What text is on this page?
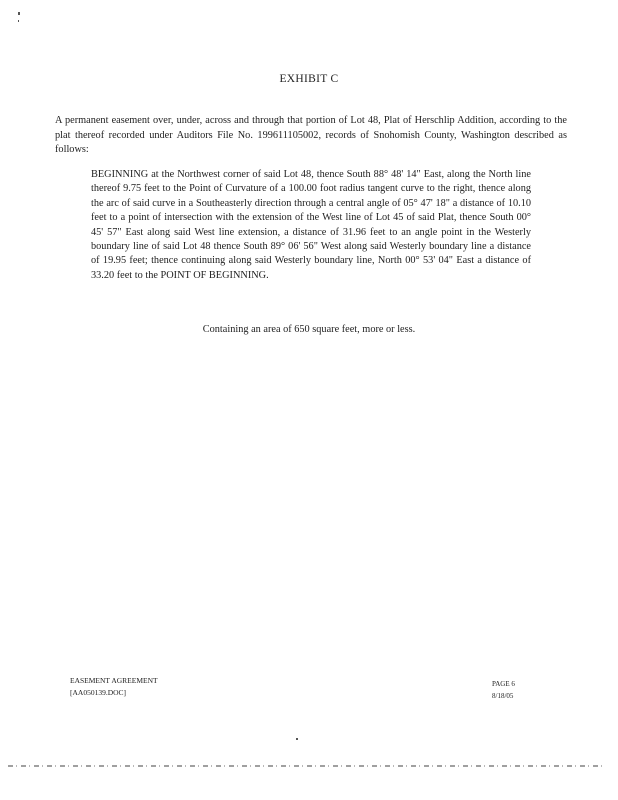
EXHIBIT C
A permanent easement over, under, across and through that portion of Lot 48, Plat of Herschlip Addition, according to the plat thereof recorded under Auditors File No. 199611105002, records of Snohomish County, Washington described as follows:
BEGINNING at the Northwest corner of said Lot 48, thence South 88° 48' 14" East, along the North line thereof 9.75 feet to the Point of Curvature of a 100.00 foot radius tangent curve to the right, thence along the arc of said curve in a Southeasterly direction through a central angle of 05° 47' 18" a distance of 10.10 feet to a point of intersection with the extension of the West line of Lot 45 of said Plat, thence South 00° 45' 57" East along said West line extension, a distance of 31.96 feet to an angle point in the Westerly boundary line of said Lot 48 thence South 89° 06' 56" West along said Westerly boundary line a distance of 19.95 feet; thence continuing along said Westerly boundary line, North 00° 53' 04" East a distance of 33.20 feet to the POINT OF BEGINNING.
Containing an area of 650 square feet, more or less.
EASEMENT AGREEMENT
[AA050139.DOC]
PAGE 6
8/18/05
